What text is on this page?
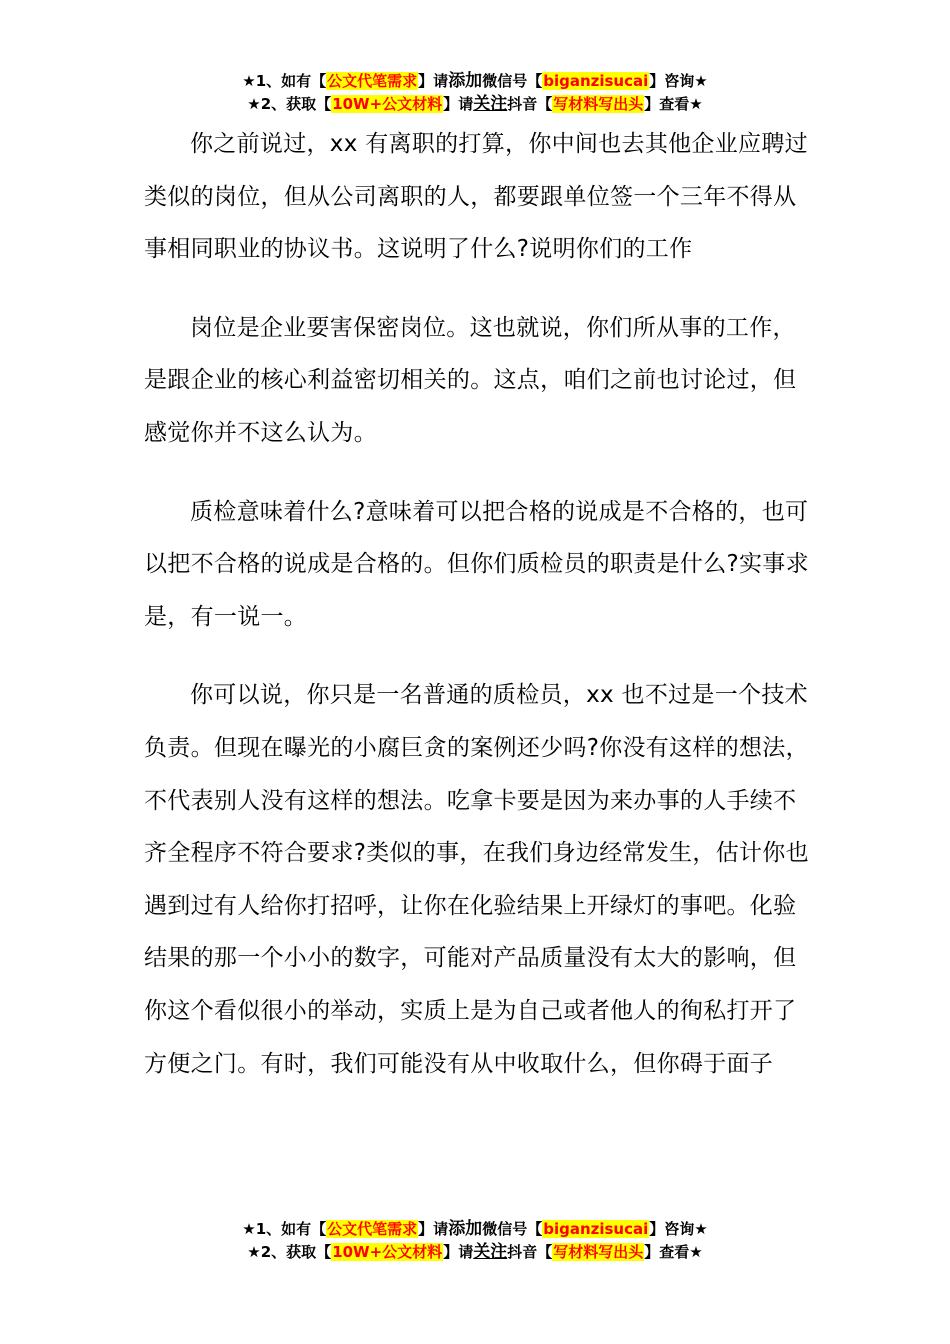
★1、如有【公文代笔需求】请添加微信号【biganzisucai】咨询★
★2、获取【10W+公文材料】请关注抖音【写材料写出头】查看★

你之前说过，xx 有离职的打算，你中间也去其他企业应聘过类似的岗位，但从公司离职的人，都要跟单位签一个三年不得从事相同职业的协议书。这说明了什么?说明你们的工作

岗位是企业要害保密岗位。这也就说，你们所从事的工作，是跟企业的核心利益密切相关的。这点，咱们之前也讨论过，但感觉你并不这么认为。

质检意味着什么?意味着可以把合格的说成是不合格的，也可以把不合格的说成是合格的。但你们质检员的职责是什么?实事求是，有一说一。

你可以说，你只是一名普通的质检员，xx 也不过是一个技术负责。但现在曝光的小腐巨贪的案例还少吗?你没有这样的想法，不代表别人没有这样的想法。吃拿卡要是因为来办事的人手续不齐全程序不符合要求?类似的事，在我们身边经常发生，估计你也遇到过有人给你打招呼，让你在化验结果上开绿灯的事吧。化验结果的那一个小小的数字，可能对产品质量没有太大的影响，但你这个看似很小的举动，实质上是为自己或者他人的徇私打开了方便之门。有时，我们可能没有从中收取什么，但你碍于面子

★1、如有【公文代笔需求】请添加微信号【biganzisucai】咨询★
★2、获取【10W+公文材料】请关注抖音【写材料写出头】查看★
